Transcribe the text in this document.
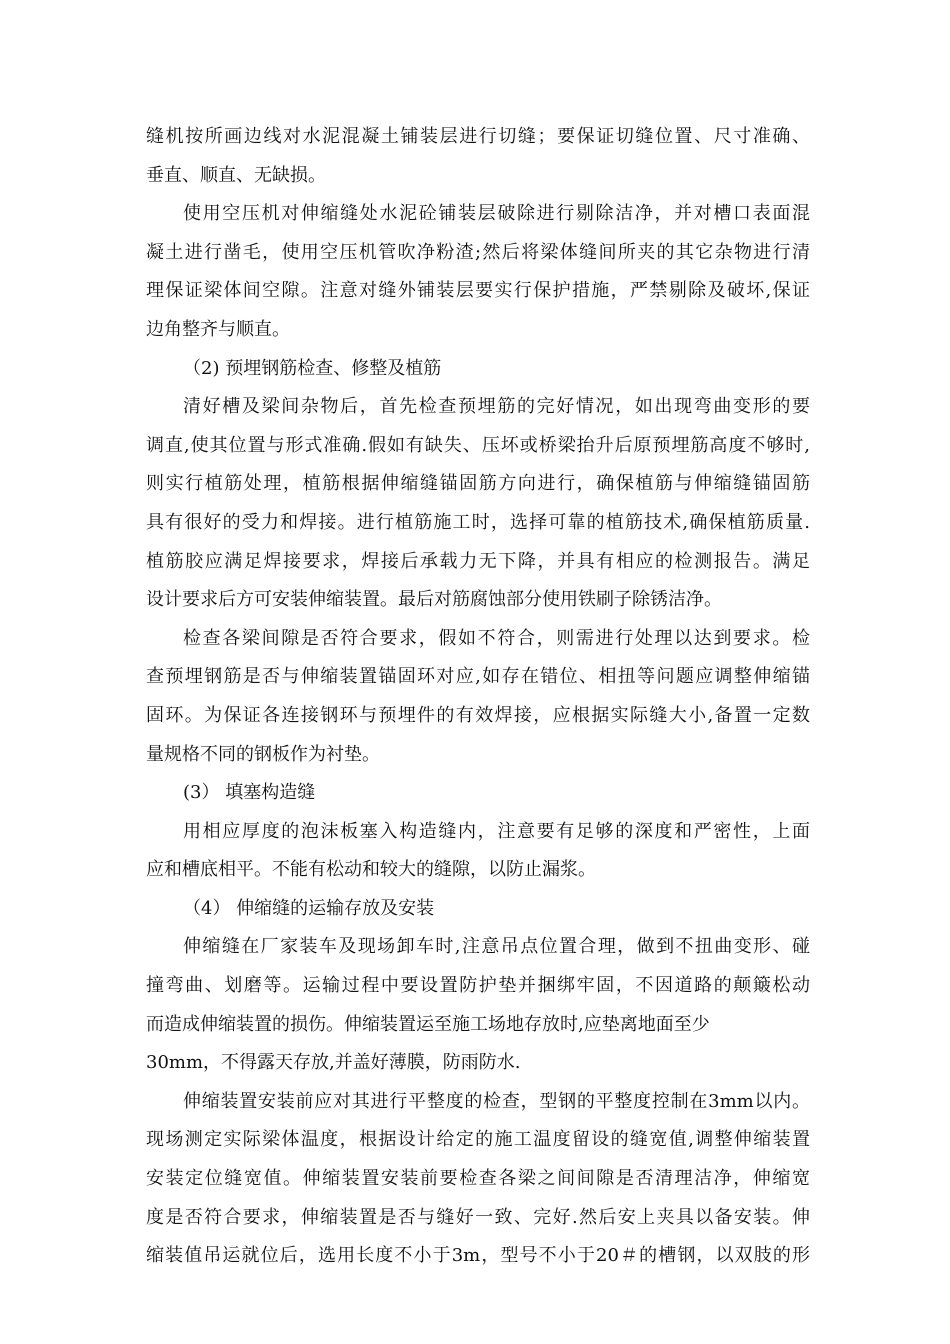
缝机按所画边线对水泥混凝土铺装层进行切缝；要保证切缝位置、尺寸准确、
垂直、顺直、无缺损。
使用空压机对伸缩缝处水泥砼铺装层破除进行剔除洁净，并对槽口表面混
凝土进行凿毛，使用空压机管吹净粉渣;然后将梁体缝间所夹的其它杂物进行清
理保证梁体间空隙。注意对缝外铺装层要实行保护措施，严禁剔除及破坏,保证
边角整齐与顺直。
（2) 预埋钢筋检查、修整及植筋
清好槽及梁间杂物后，首先检查预埋筋的完好情况，如出现弯曲变形的要
调直,使其位置与形式准确.假如有缺失、压坏或桥梁抬升后原预埋筋高度不够时,
则实行植筋处理，植筋根据伸缩缝锚固筋方向进行，确保植筋与伸缩缝锚固筋
具有很好的受力和焊接。进行植筋施工时，选择可靠的植筋技术,确保植筋质量.
植筋胶应满足焊接要求，焊接后承载力无下降，并具有相应的检测报告。满足
设计要求后方可安装伸缩装置。最后对筋腐蚀部分使用铁刷子除锈洁净。
检查各梁间隙是否符合要求，假如不符合，则需进行处理以达到要求。检
查预埋钢筋是否与伸缩装置锚固环对应,如存在错位、相扭等问题应调整伸缩锚
固环。为保证各连接钢环与预埋件的有效焊接，应根据实际缝大小,备置一定数
量规格不同的钢板作为衬垫。
(3） 填塞构造缝
用相应厚度的泡沫板塞入构造缝内，注意要有足够的深度和严密性，上面
应和槽底相平。不能有松动和较大的缝隙，以防止漏浆。
（4） 伸缩缝的运输存放及安装
伸缩缝在厂家装车及现场卸车时,注意吊点位置合理，做到不扭曲变形、碰
撞弯曲、划磨等。运输过程中要设置防护垫并捆绑牢固，不因道路的颠簸松动
而造成伸缩装置的损伤。伸缩装置运至施工场地存放时,应垫离地面至少
30mm，不得露天存放,并盖好薄膜，防雨防水.
伸缩装置安装前应对其进行平整度的检查，型钢的平整度控制在3mm以内。
现场测定实际梁体温度，根据设计给定的施工温度留设的缝宽值,调整伸缩装置
安装定位缝宽值。伸缩装置安装前要检查各梁之间间隙是否清理洁净，伸缩宽
度是否符合要求，伸缩装置是否与缝好一致、完好.然后安上夹具以备安装。伸
缩装值吊运就位后，选用长度不小于3m，型号不小于20＃的槽钢，以双肢的形
